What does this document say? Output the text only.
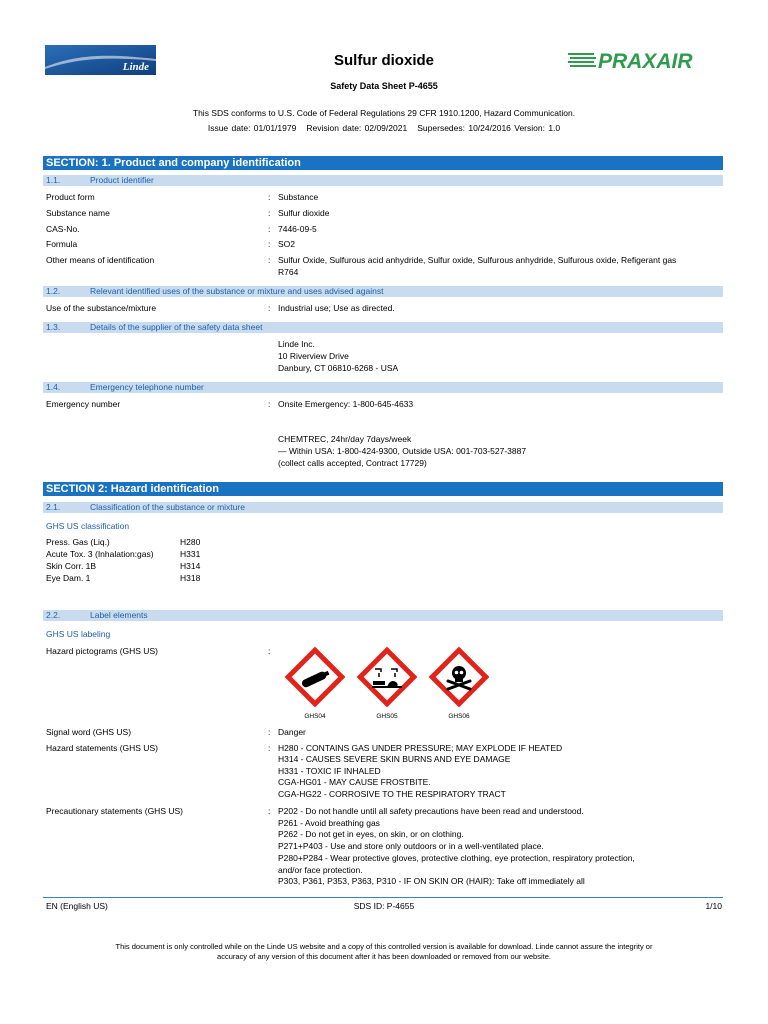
Linde	PRAXAIR
Sulfur dioxide
Safety Data Sheet P-4655
This SDS conforms to U.S. Code of Federal Regulations 29 CFR 1910.1200, Hazard Communication.
Issue date: 01/01/1979   Revision date: 02/09/2021   Supersedes: 10/24/2016 Version: 1.0
SECTION: 1. Product and company identification
1.1.	Product identifier
Product form	: Substance
Substance name	: Sulfur dioxide
CAS-No.	: 7446-09-5
Formula	: SO2
Other means of identification	: Sulfur Oxide, Sulfurous acid anhydride, Sulfur oxide, Sulfurous anhydride, Sulfurous oxide, Refigerant gas R764
1.2.	Relevant identified uses of the substance or mixture and uses advised against
Use of the substance/mixture	: Industrial use; Use as directed.
1.3.	Details of the supplier of the safety data sheet
Linde Inc.
10 Riverview Drive
Danbury, CT 06810-6268 - USA
1.4.	Emergency telephone number
Emergency number	: Onsite Emergency: 1-800-645-4633
CHEMTREC, 24hr/day 7days/week
— Within USA: 1-800-424-9300, Outside USA: 001-703-527-3887
(collect calls accepted, Contract 17729)
SECTION 2: Hazard identification
2.1.	Classification of the substance or mixture
GHS US classification
Press. Gas (Liq.)	H280
Acute Tox. 3 (Inhalation:gas)	H331
Skin Corr. 1B	H314
Eye Dam. 1	H318
2.2.	Label elements
GHS US labeling
Hazard pictograms (GHS US)	:
GHS04	GHS05	GHS06
Signal word (GHS US)	: Danger
Hazard statements (GHS US)	: H280 - CONTAINS GAS UNDER PRESSURE; MAY EXPLODE IF HEATED
H314 - CAUSES SEVERE SKIN BURNS AND EYE DAMAGE
H331 - TOXIC IF INHALED
CGA-HG01 - MAY CAUSE FROSTBITE.
CGA-HG22 - CORROSIVE TO THE RESPIRATORY TRACT
Precautionary statements (GHS US)	: P202 - Do not handle until all safety precautions have been read and understood.
P261 - Avoid breathing gas
P262 - Do not get in eyes, on skin, or on clothing.
P271+P403 - Use and store only outdoors or in a well-ventilated place.
P280+P284 - Wear protective gloves, protective clothing, eye protection, respiratory protection,
and/or face protection.
P303, P361, P353, P363, P310 - IF ON SKIN OR (HAIR): Take off immediately all
EN (English US)	SDS ID: P-4655	1/10
This document is only controlled while on the Linde US website and a copy of this controlled version is available for download. Linde cannot assure the integrity or
accuracy of any version of this document after it has been downloaded or removed from our website.
